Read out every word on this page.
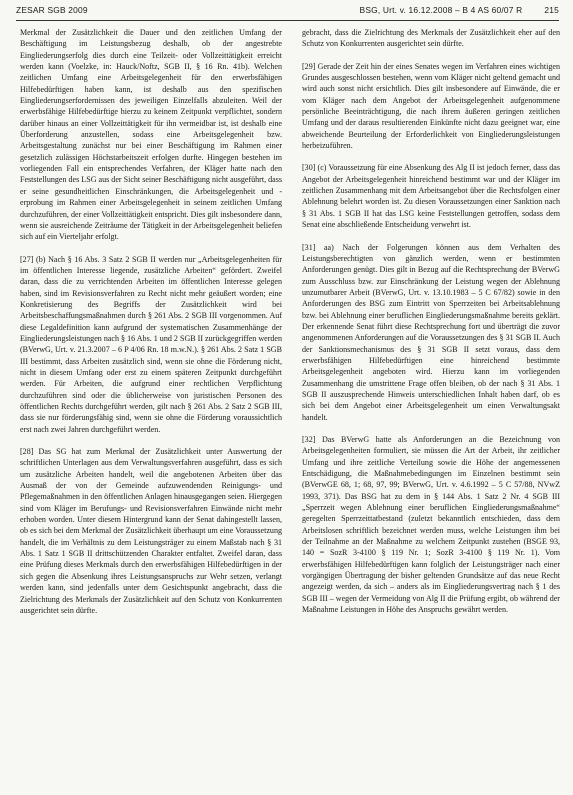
ZESAR SGB 2009	BSG, Urt. v. 16.12.2008 – B 4 AS 60/07 R	215

Merkmal der Zusätzlichkeit die Dauer und den zeitlichen Umfang der Beschäftigung im Leistungsbezug deshalb, ob der angestrebte Eingliederungserfolg dies durch eine Teilzeit- oder Vollzeittätigkeit erreicht werden kann (Voelzke, in: Hauck/Noftz, SGB II, § 16 Rn. 41b). Welchen zeitlichen Umfang eine Arbeitsgelegenheit für den erwerbsfähigen Hilfebedürftigen haben kann, ist deshalb aus den spezifischen Eingliederungserfordernissen des jeweiligen Einzelfalls abzuleiten. Weil der erwerbsfähige Hilfebedürftige hierzu zu keinem Zeitpunkt verpflichtet, sondern darüber hinaus an einer Vollzeittätigkeit für ihn vermeidbar ist, ist deshalb eine Überforderung anzustellen, sodass eine Arbeitsgelegenheit bzw. Arbeitsgestaltung zunächst nur bei einer Beschäftigung im Rahmen einer gesetzlich zulässigen Höchstarbeitszeit erfolgen durfte. Hingegen bestehen im vorliegenden Fall ein entsprechendes Verfahren, der Kläger hatte nach den Feststellungen des LSG aus der Sicht seiner Beschäftigung nicht ausgeführt, dass er seine gesundheitlichen Einschränkungen, die Arbeitsgelegenheit und -erprobung im Rahmen einer Arbeitsgelegenheit in seinem zeitlichen Umfang durchzuführen, der einer Vollzeittätigkeit entspricht. Dies gilt insbesondere dann, wenn sie ausreichende Zeiträume der Tätigkeit in der Arbeitsgelegenheit beliefen sich auf ein Vierteljahr erfolgt.

[27] (b) Nach § 16 Abs. 3 Satz 2 SGB II werden nur „Arbeitsgelegenheiten für im öffentlichen Interesse liegende, zusätzliche Arbeiten“ gefördert. Zweifel daran, dass die zu verrichtenden Arbeiten im öffentlichen Interesse gelegen haben, sind im Revisionsverfahren zu Recht nicht mehr geäußert worden; eine Konkretisierung des Begriffs der Zusätzlichkeit wird bei Arbeitsbeschaffungsmaßnahmen durch § 261 Abs. 2 SGB III vorgenommen. Auf diese Legaldefinition kann aufgrund der systematischen Zusammenhänge der Eingliederungsleistungen nach § 16 Abs. 1 und 2 SGB II zurückgegriffen werden (BVerwG, Urt. v. 21.3.2007 – 6 P 4/06 Rn. 18 m.w.N.). § 261 Abs. 2 Satz 1 SGB III bestimmt, dass Arbeiten zusätzlich sind, wenn sie ohne die Förderung nicht, nicht in diesem Umfang oder erst zu einem späteren Zeitpunkt durchgeführt werden. Für Arbeiten, die aufgrund einer rechtlichen Verpflichtung durchzuführen sind oder die üblicherweise von juristischen Personen des öffentlichen Rechts durchgeführt werden, gilt nach § 261 Abs. 2 Satz 2 SGB III, dass sie nur förderungsfähig sind, wenn sie ohne die Förderung voraussichtlich erst nach zwei Jahren durchgeführt werden.

[28] Das SG hat zum Merkmal der Zusätzlichkeit unter Auswertung der schriftlichen Unterlagen aus dem Verwaltungsverfahren ausgeführt, dass es sich um zusätzliche Arbeiten handelt, weil die angebotenen Arbeiten über das Ausmaß der von der Gemeinde aufzuwendenden Reinigungs- und Pflegemaßnahmen in den öffentlichen Anlagen hinausgegangen seien. Hiergegen sind vom Kläger im Berufungs- und Revisionsverfahren Einwände nicht mehr erhoben worden. Unter diesem Hintergrund kann der Senat dahingestellt lassen, ob es sich bei dem Merkmal der Zusätzlichkeit überhaupt um eine Voraussetzung handelt, die im Verhältnis zu dem Leistungsträger zu einem Maßstab nach § 31 Abs. 1 Satz 1 SGB II drittschützenden Charakter entfaltet. Zweifel daran, dass eine Prüfung dieses Merkmals durch den erwerbsfähigen Hilfebedürftigen in der sich gegen die Absenkung ihres Leistungsanspruchs zur Wehr setzen, verlangt werden kann, sind jedenfalls unter dem Gesichtspunkt angebracht, dass die Zielrichtung des Merkmals der Zusätzlichkeit auf den Schutz von Konkurrenten ausgerichtet sein dürfte.

gebracht, dass die Zielrichtung des Merkmals der Zusätzlichkeit eher auf den Schutz von Konkurrenten ausgerichtet sein dürfte.

[29] Gerade der Zeit hin der eines Senates wegen im Verfahren eines wichtigen Grundes ausgeschlossen bestehen, wenn vom Kläger nicht geltend gemacht und wird auch sonst nicht ersichtlich. Dies gilt insbesondere auf Einwände, die er vom Kläger nach dem Angebot der Arbeitsgelegenheit aufgenommene persönliche Beeinträchtigung, die nach ihrem äußeren geringen zeitlichen Umfang und der daraus resultierenden Einkünfte nicht dazu geeignet war, eine abweichende Beurteilung der Erforderlichkeit von Eingliederungsleistungen herbeizuführen.

[30] (c) Voraussetzung für eine Absenkung des Alg II ist jedoch ferner, dass das Angebot der Arbeitsgelegenheit hinreichend bestimmt war und der Kläger im zeitlichen Zusammenhang mit dem Arbeitsangebot über die Rechtsfolgen einer Ablehnung belehrt worden ist. Zu diesen Voraussetzungen einer Sanktion nach § 31 Abs. 1 SGB II hat das LSG keine Feststellungen getroffen, sodass dem Senat eine abschließende Entscheidung verwehrt ist.

[31] aa) Nach der Folgerungen können aus dem Verhalten des Leistungsberechtigten von gänzlich werden, wenn er bestimmten Anforderungen genügt. Dies gilt in Bezug auf die Rechtsprechung der BVerwG zum Ausschluss bzw. zur Einschränkung der Leistung wegen der Ablehnung unzumutbarer Arbeit (BVerwG, Urt. v. 13.10.1983 – 5 C 67/82) sowie in den Anforderungen des BSG zum Eintritt von Sperrzeiten bei Arbeitsablehnung bzw. bei Ablehnung einer beruflichen Eingliederungsmaßnahme bereits geklärt. Der erkennende Senat führt diese Rechtsprechung fort und überträgt die zuvor angenommenen Anforderungen auf die Voraussetzungen des § 31 SGB II. Auch der Sanktionsmechanismus des § 31 SGB II setzt voraus, dass dem erwerbsfähigen Hilfebedürftigen eine hinreichend bestimmte Arbeitsgelegenheit angeboten wird. Hierzu kann im vorliegenden Zusammenhang die umstrittene Frage offen bleiben, ob der nach § 31 Abs. 1 SGB II auszusprechende Hinweis unterschiedlichen Inhalt haben darf, ob es sich bei dem Angebot einer Arbeitsgelegenheit um einen Verwaltungsakt handelt.

[32] Das BVerwG hatte als Anforderungen an die Bezeichnung von Arbeitsgelegenheiten formuliert, sie müssen die Art der Arbeit, ihr zeitlicher Umfang und ihre zeitliche Verteilung sowie die Höhe der angemessenen Entschädigung, die Maßnahmebedingungen im Einzelnen bestimmt sein (BVerwGE 68, 1; 68, 97, 99; BVerwG, Urt. v. 4.6.1992 – 5 C 57/88, NVwZ 1993, 371). Das BSG hat zu dem in § 144 Abs. 1 Satz 2 Nr. 4 SGB III „Sperrzeit wegen Ablehnung einer beruflichen Eingliederungsmaßnahme“ geregelten Sperrzeittatbestand (zuletzt bekanntlich entschieden, dass dem Arbeitslosen schriftlich bezeichnet werden muss, welche Leistungen ihm bei der Teilnahme an der Maßnahme zu welchem Zeitpunkt zustehen (BSGE 93, 140 = SozR 3-4100 § 119 Nr. 1; SozR 3-4100 § 119 Nr. 1). Vom erwerbsfähigen Hilfebedürftigen kann folglich der Leistungsträger nach einer vorgängigen Übertragung der bisher geltenden Grundsätze auf das neue Recht angezeigt werden, da sich – anders als im Eingliederungsvertrag nach § 1 des SGB III – wegen der Vermeidung von Alg II die Prüfung ergibt, ob während der Maßnahme Leistungen in Höhe des Anspruchs gewährt werden.
